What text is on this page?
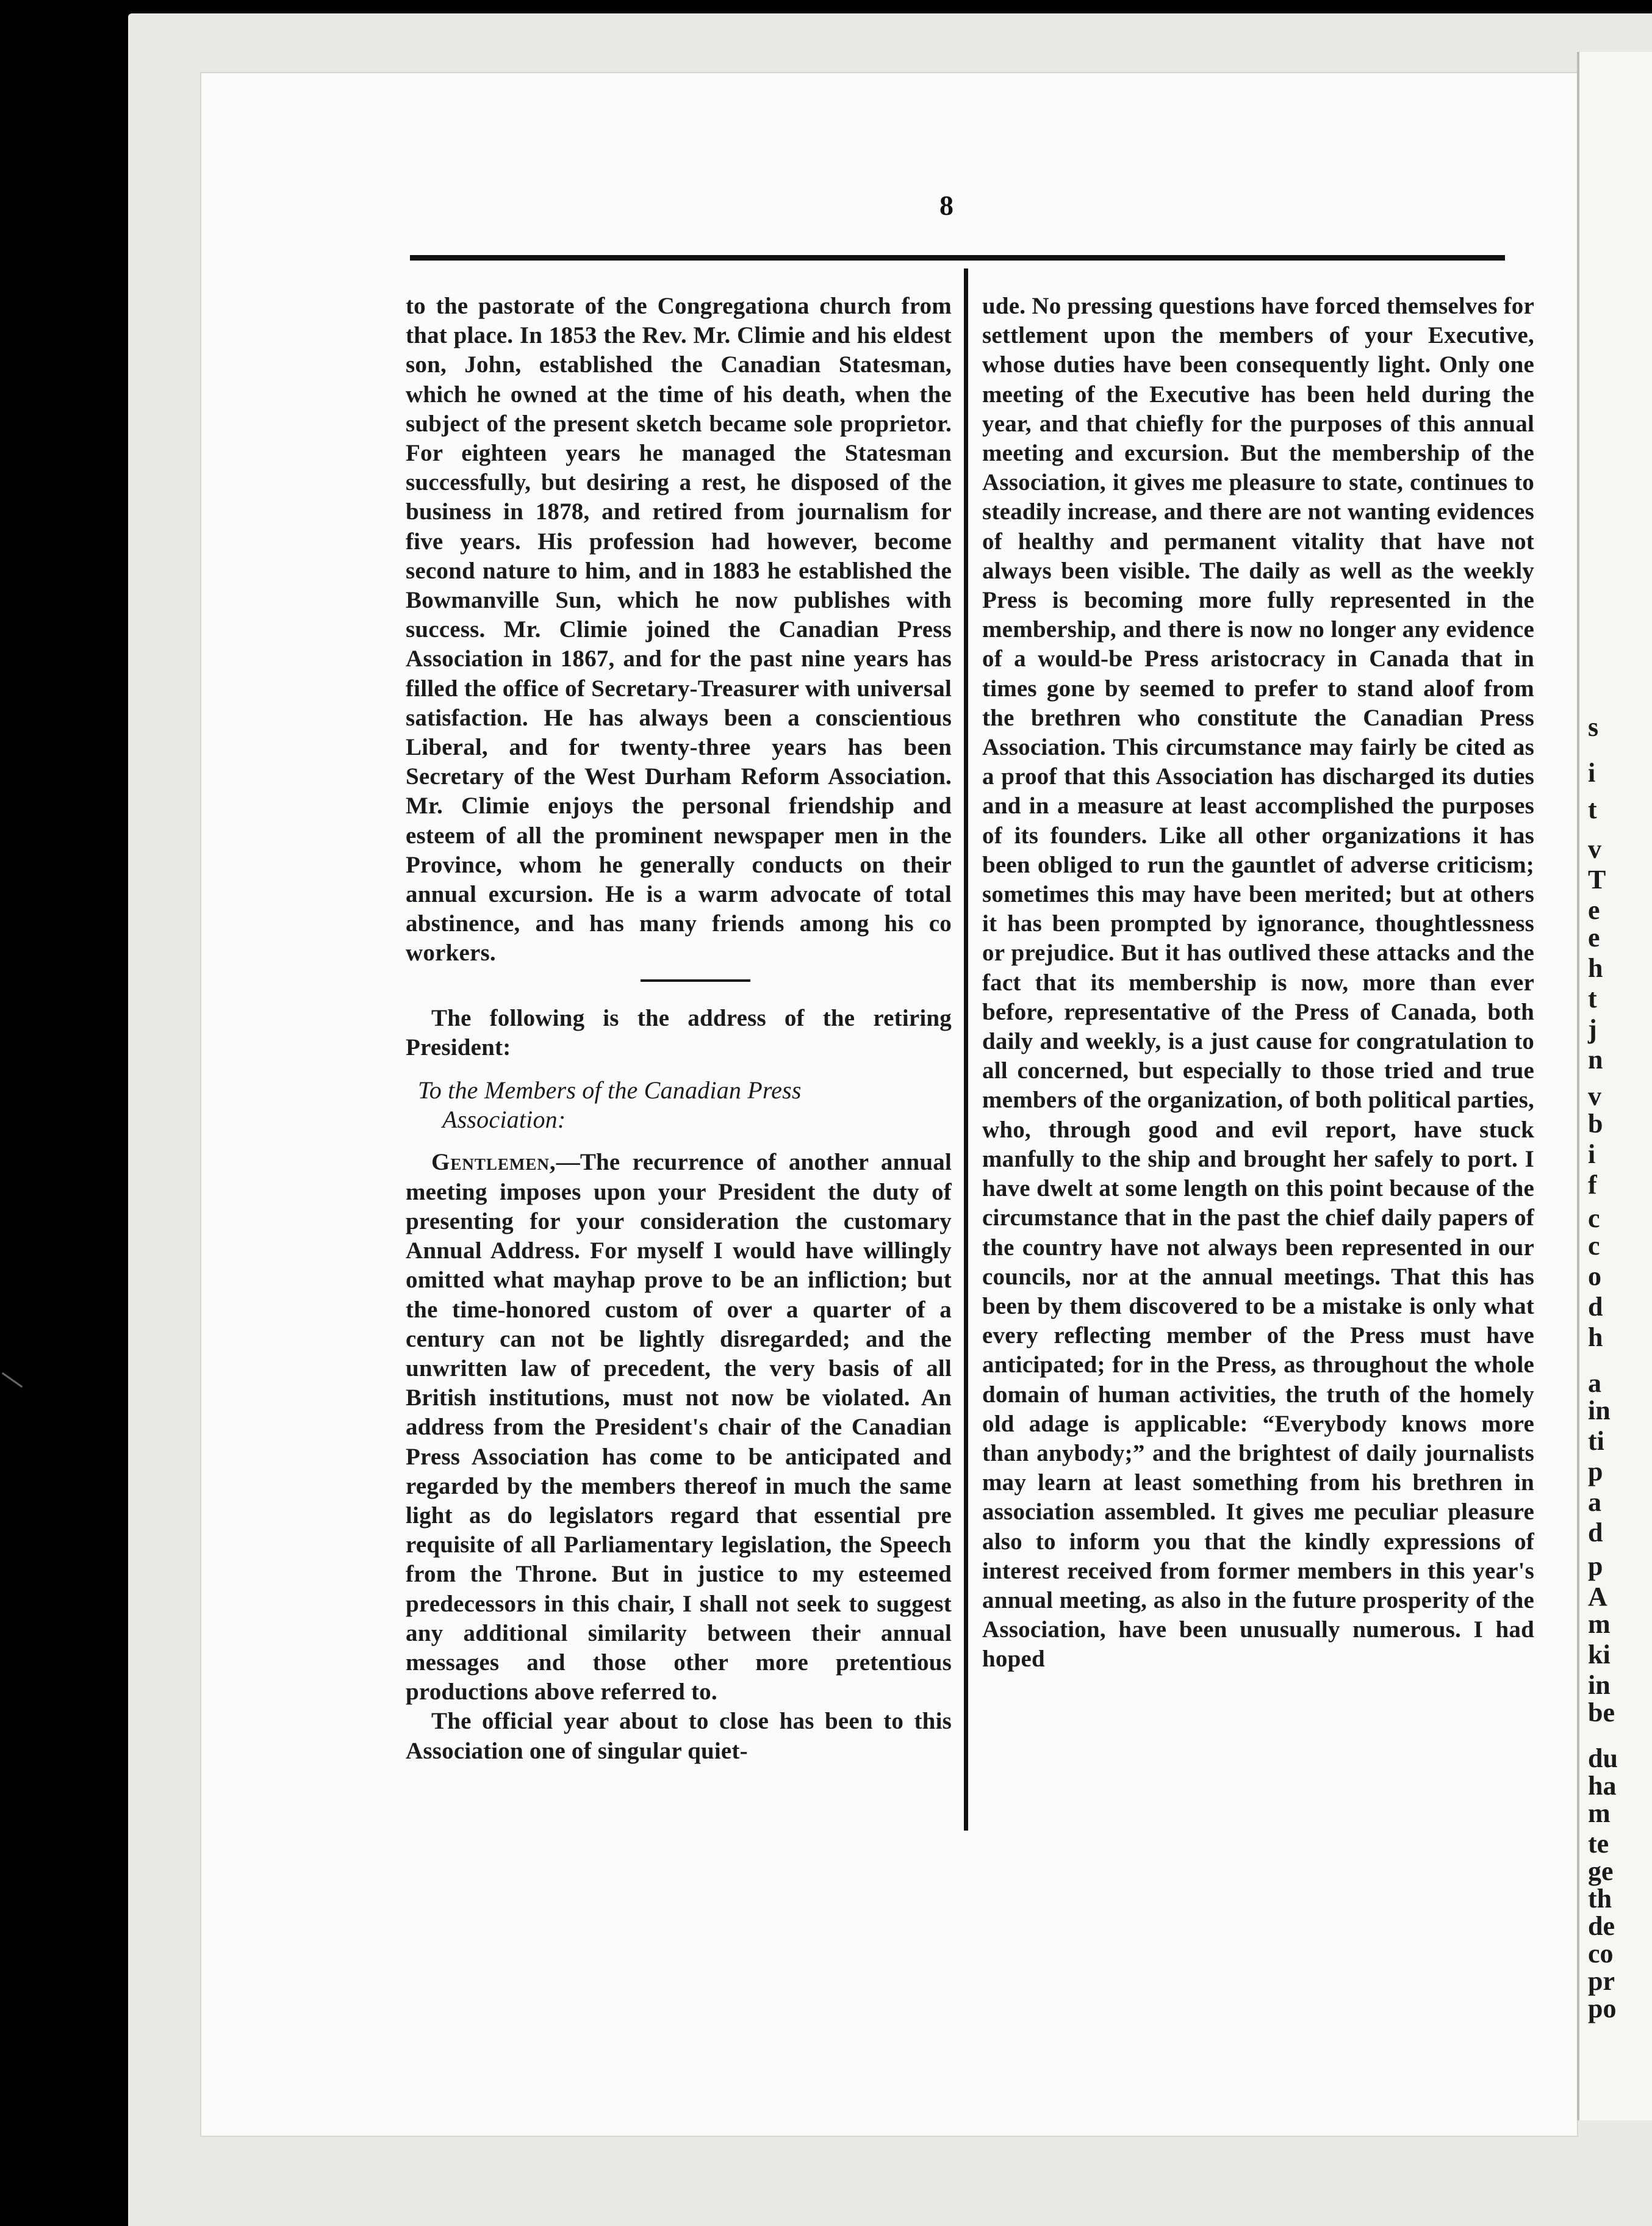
s
i
t
v
T
e
e
h
t
j
n
v
b
i
f
c
c
o
d
h
a
in
ti
p
a
d
p
A
m
ki
in
be
du
ha
m
te
ge
th
de
co
pr
po
8

to the pastorate of the Congregationa church from that place. In 1853 the Rev. Mr. Climie and his eldest son, John, established the Canadian Statesman, which he owned at the time of his death, when the subject of the present sketch became sole proprietor. For eighteen years he managed the Statesman successfully, but desiring a rest, he disposed of the business in 1878, and retired from journalism for five years. His profession had however, become second nature to him, and in 1883 he established the Bowmanville Sun, which he now publishes with success. Mr. Climie joined the Canadian Press Association in 1867, and for the past nine years has filled the office of Secretary-Treasurer with universal satisfaction. He has always been a conscientious Liberal, and for twenty-three years has been Secretary of the West Durham Reform Association. Mr. Climie enjoys the personal friendship and esteem of all the prominent newspaper men in the Province, whom he generally conducts on their annual excursion. He is a warm advocate of total abstinence, and has many friends among his co workers.

The following is the address of the retiring President:

To the Members of the Canadian Press
Association:

Gentlemen,—The recurrence of another annual meeting imposes upon your President the duty of presenting for your consideration the customary Annual Address. For myself I would have willingly omitted what mayhap prove to be an infliction; but the time-honored custom of over a quarter of a century can not be lightly disregarded; and the unwritten law of precedent, the very basis of all British institutions, must not now be violated. An address from the President's chair of the Canadian Press Association has come to be anticipated and regarded by the members thereof in much the same light as do legislators regard that essential pre requisite of all Parliamentary legislation, the Speech from the Throne. But in justice to my esteemed predecessors in this chair, I shall not seek to suggest any additional similarity between their annual messages and those other more pretentious productions above referred to.

The official year about to close has been to this Association one of singular quiet-

ude. No pressing questions have forced themselves for settlement upon the members of your Executive, whose duties have been consequently light. Only one meeting of the Executive has been held during the year, and that chiefly for the purposes of this annual meeting and excursion. But the membership of the Association, it gives me pleasure to state, continues to steadily increase, and there are not wanting evidences of healthy and permanent vitality that have not always been visible. The daily as well as the weekly Press is becoming more fully represented in the membership, and there is now no longer any evidence of a would-be Press aristocracy in Canada that in times gone by seemed to prefer to stand aloof from the brethren who constitute the Canadian Press Association. This circumstance may fairly be cited as a proof that this Association has discharged its duties and in a measure at least accomplished the purposes of its founders. Like all other organizations it has been obliged to run the gauntlet of adverse criticism; sometimes this may have been merited; but at others it has been prompted by ignorance, thoughtlessness or prejudice. But it has outlived these attacks and the fact that its membership is now, more than ever before, representative of the Press of Canada, both daily and weekly, is a just cause for congratulation to all concerned, but especially to those tried and true members of the organization, of both political parties, who, through good and evil report, have stuck manfully to the ship and brought her safely to port. I have dwelt at some length on this point because of the circumstance that in the past the chief daily papers of the country have not always been represented in our councils, nor at the annual meetings. That this has been by them discovered to be a mistake is only what every reflecting member of the Press must have anticipated; for in the Press, as throughout the whole domain of human activities, the truth of the homely old adage is applicable: “Everybody knows more than anybody;” and the brightest of daily journalists may learn at least something from his brethren in association assembled. It gives me peculiar pleasure also to inform you that the kindly expressions of interest received from former members in this year's annual meeting, as also in the future prosperity of the Association, have been unusually numerous. I had hoped
